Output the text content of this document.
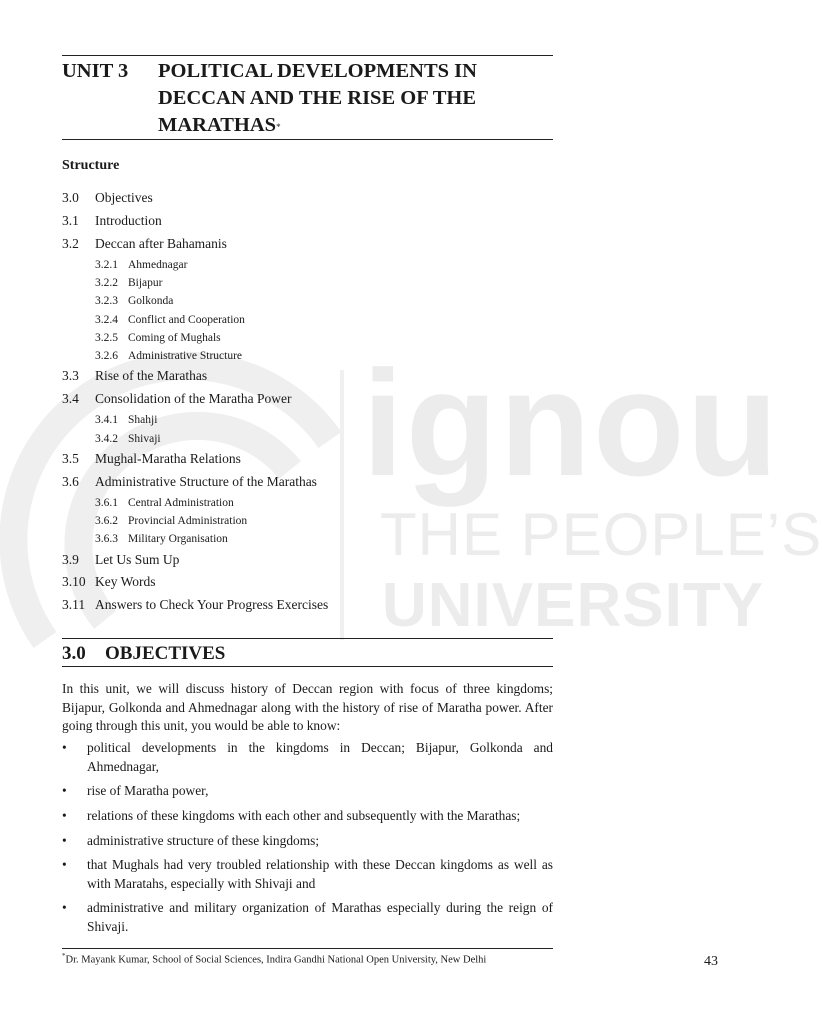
ignou
THE PEOPLE’S
UNIVERSITY
UNIT 3 POLITICAL DEVELOPMENTS IN DECCAN AND THE RISE OF THE MARATHAS*
Structure
3.0 Objectives
3.1 Introduction
3.2 Deccan after Bahamanis
3.2.1 Ahmednagar
3.2.2 Bijapur
3.2.3 Golkonda
3.2.4 Conflict and Cooperation
3.2.5 Coming of Mughals
3.2.6 Administrative Structure
3.3 Rise of the Marathas
3.4 Consolidation of the Maratha Power
3.4.1 Shahji
3.4.2 Shivaji
3.5 Mughal-Maratha Relations
3.6 Administrative Structure of the Marathas
3.6.1 Central Administration
3.6.2 Provincial Administration
3.6.3 Military Organisation
3.9 Let Us Sum Up
3.10 Key Words
3.11 Answers to Check Your Progress Exercises
3.0 OBJECTIVES
In this unit, we will discuss history of Deccan region with focus of three kingdoms; Bijapur, Golkonda and Ahmednagar along with the history of rise of Maratha power. After going through this unit, you would be able to know:
• political developments in the kingdoms in Deccan; Bijapur, Golkonda and Ahmednagar,
• rise of Maratha power,
• relations of these kingdoms with each other and subsequently with the Marathas;
• administrative structure of these kingdoms;
• that Mughals had very troubled relationship with these Deccan kingdoms as well as with Maratahs, especially with Shivaji and
• administrative and military organization of Marathas especially during the reign of Shivaji.
*Dr. Mayank Kumar, School of Social Sciences, Indira Gandhi National Open University, New Delhi	43
